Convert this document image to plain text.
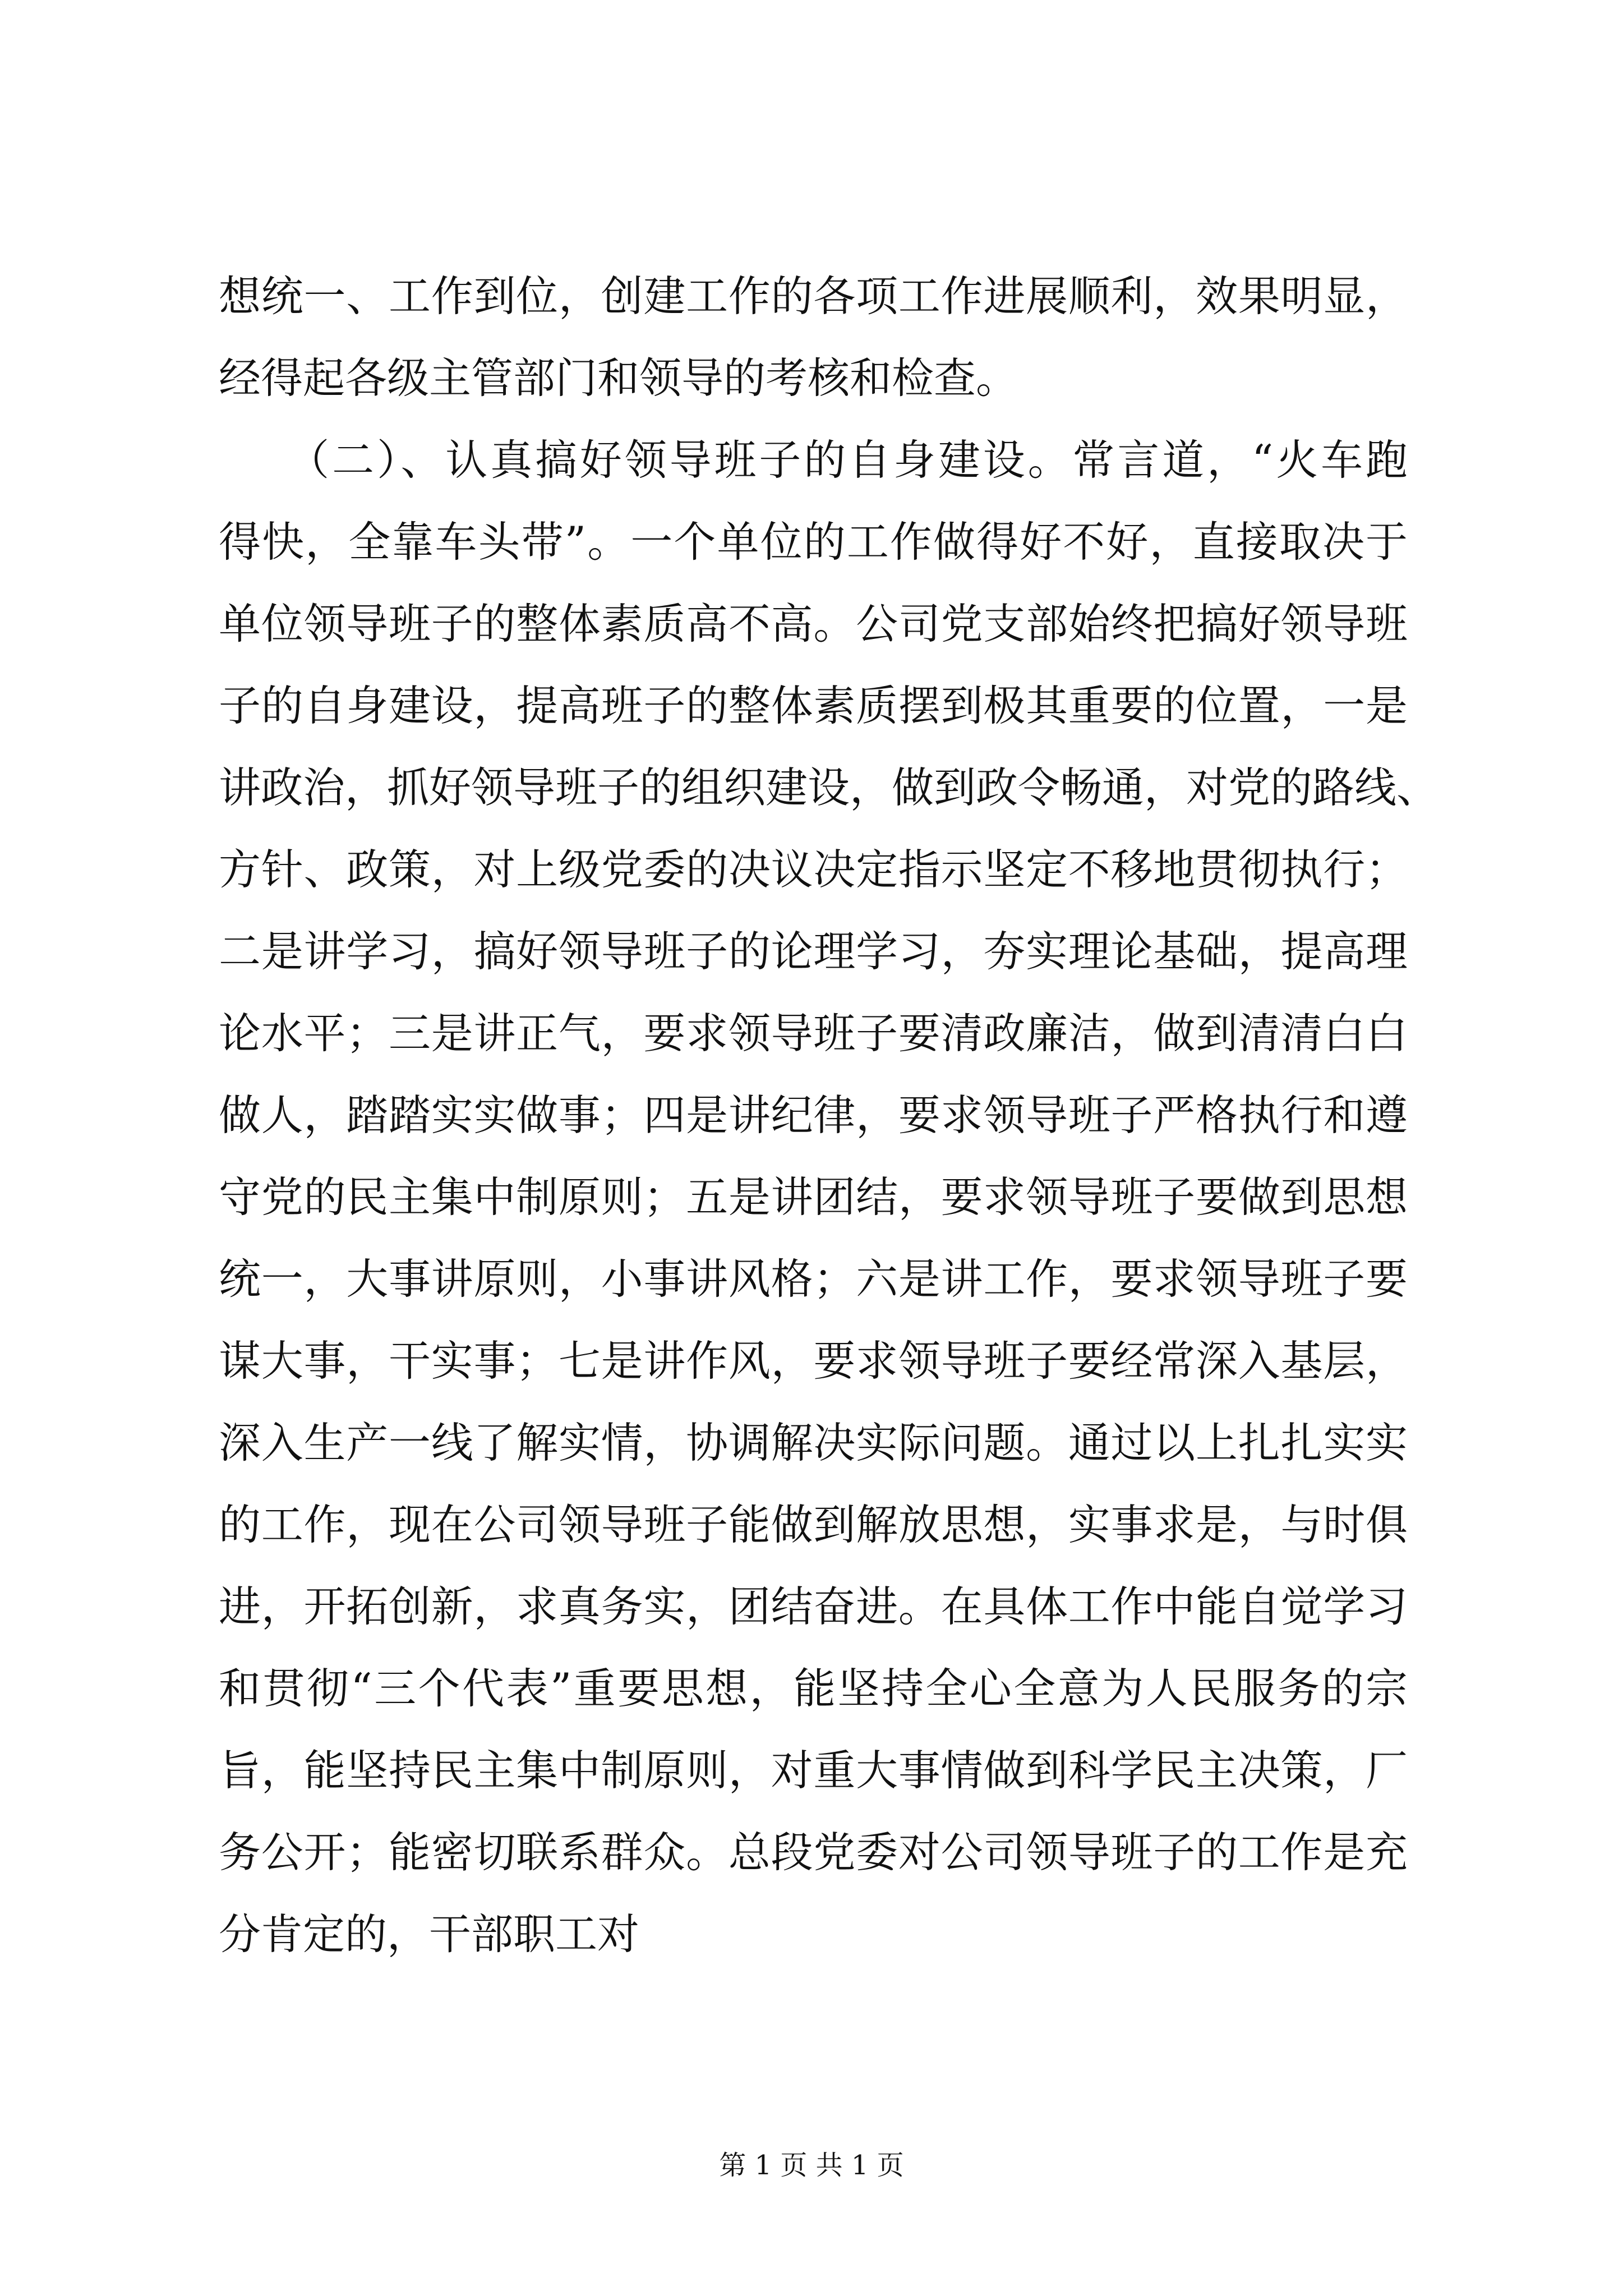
想统一、工作到位，创建工作的各项工作进展顺利，效果明显，
经得起各级主管部门和领导的考核和检查。
　　（二）、认真搞好领导班子的自身建设。常言道，“火车跑
得快，全靠车头带”。一个单位的工作做得好不好，直接取决于
单位领导班子的整体素质高不高。公司党支部始终把搞好领导班
子的自身建设，提高班子的整体素质摆到极其重要的位置，一是
讲政治，抓好领导班子的组织建设，做到政令畅通，对党的路线、
方针、政策，对上级党委的决议决定指示坚定不移地贯彻执行；
二是讲学习，搞好领导班子的论理学习，夯实理论基础，提高理
论水平；三是讲正气，要求领导班子要清政廉洁，做到清清白白
做人，踏踏实实做事；四是讲纪律，要求领导班子严格执行和遵
守党的民主集中制原则；五是讲团结，要求领导班子要做到思想
统一，大事讲原则，小事讲风格；六是讲工作，要求领导班子要
谋大事，干实事；七是讲作风，要求领导班子要经常深入基层，
深入生产一线了解实情，协调解决实际问题。通过以上扎扎实实
的工作，现在公司领导班子能做到解放思想，实事求是，与时俱
进，开拓创新，求真务实，团结奋进。在具体工作中能自觉学习
和贯彻“三个代表”重要思想，能坚持全心全意为人民服务的宗
旨，能坚持民主集中制原则，对重大事情做到科学民主决策，厂
务公开；能密切联系群众。总段党委对公司领导班子的工作是充
分肯定的，干部职工对
第 1 页 共 1 页
